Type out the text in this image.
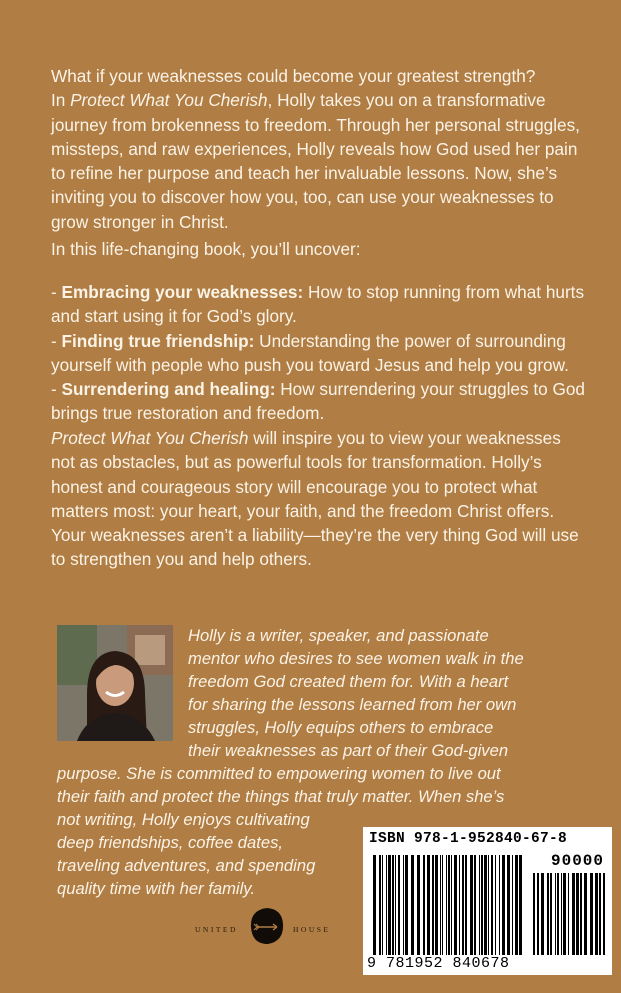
What if your weaknesses could become your greatest strength?
In Protect What You Cherish, Holly takes you on a transformative journey from brokenness to freedom. Through her personal struggles, missteps, and raw experiences, Holly reveals how God used her pain to refine her purpose and teach her invaluable lessons. Now, she’s inviting you to discover how you, too, can use your weaknesses to grow stronger in Christ.

In this life-changing book, you’ll uncover:

- Embracing your weaknesses: How to stop running from what hurts and start using it for God’s glory.
- Finding true friendship: Understanding the power of surrounding yourself with people who push you toward Jesus and help you grow.
- Surrendering and healing: How surrendering your struggles to God brings true restoration and freedom.

Protect What You Cherish will inspire you to view your weaknesses not as obstacles, but as powerful tools for transformation. Holly’s honest and courageous story will encourage you to protect what matters most: your heart, your faith, and the freedom Christ offers. Your weaknesses aren’t a liability—they’re the very thing God will use to strengthen you and help others.

Holly is a writer, speaker, and passionate
mentor who desires to see women walk in the
freedom God created them for. With a heart
for sharing the lessons learned from her own
struggles, Holly equips others to embrace
their weaknesses as part of their God-given
purpose. She is committed to empowering women to live out
their faith and protect the things that truly matter. When she’s
not writing, Holly enjoys cultivating
deep friendships, coffee dates,
traveling adventures, and spending
quality time with her family.

ISBN 978-1-952840-67-8
90000
9 781952 840678
UNITED	HOUSE
